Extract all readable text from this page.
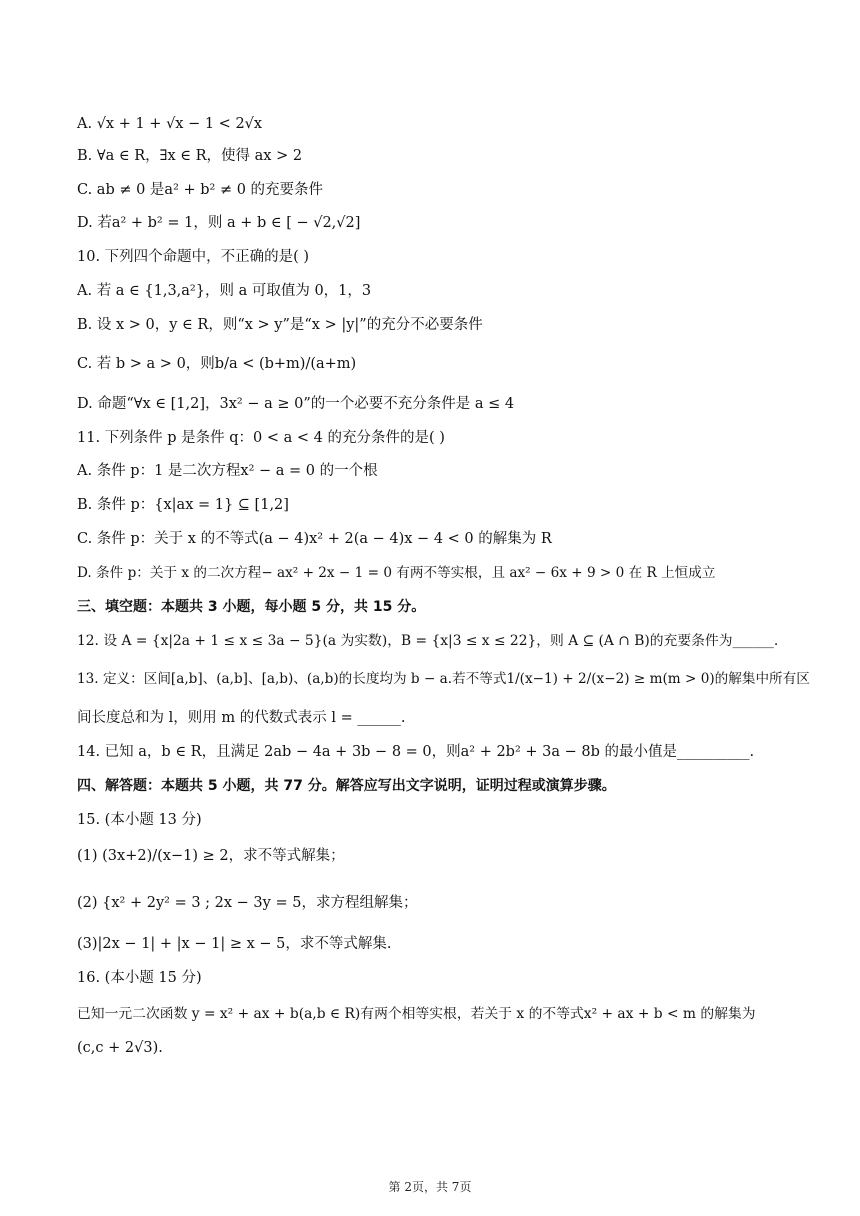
A. √x + 1 + √x − 1 < 2√x
B. ∀a ∈ R，∃x ∈ R，使得 ax > 2
C. ab ≠ 0 是a² + b² ≠ 0 的充要条件
D. 若a² + b² = 1，则 a + b ∈ [ − √2,√2]
10. 下列四个命题中，不正确的是( )
A. 若 a ∈ {1,3,a²}，则 a 可取值为 0，1，3
B. 设 x > 0，y ∈ R，则“x > y”是“x > |y|”的充分不必要条件
C. 若 b > a > 0，则b/a < (b+m)/(a+m)
D. 命题“∀x ∈ [1,2]，3x² − a ≥ 0”的一个必要不充分条件是 a ≤ 4
11. 下列条件 p 是条件 q：0 < a < 4 的充分条件的是( )
A. 条件 p：1 是二次方程x² − a = 0 的一个根
B. 条件 p：{x|ax = 1} ⊆ [1,2]
C. 条件 p：关于 x 的不等式(a − 4)x² + 2(a − 4)x − 4 < 0 的解集为 R
D. 条件 p：关于 x 的二次方程− ax² + 2x − 1 = 0 有两不等实根，且 ax² − 6x + 9 > 0 在 R 上恒成立
三、填空题：本题共 3 小题，每小题 5 分，共 15 分。
12. 设 A = {x|2a + 1 ≤ x ≤ 3a − 5}(a 为实数)，B = {x|3 ≤ x ≤ 22}，则 A ⊆ (A ∩ B)的充要条件为______.
13. 定义：区间[a,b]、(a,b]、[a,b)、(a,b)的长度均为 b − a.若不等式1/(x−1) + 2/(x−2) ≥ m(m > 0)的解集中所有区
间长度总和为 l，则用 m 的代数式表示 l = ______.
14. 已知 a，b ∈ R，且满足 2ab − 4a + 3b − 8 = 0，则a² + 2b² + 3a − 8b 的最小值是__________.
四、解答题：本题共 5 小题，共 77 分。解答应写出文字说明，证明过程或演算步骤。
15. (本小题 13 分)
(1) (3x+2)/(x−1) ≥ 2，求不等式解集；
(2) {x² + 2y² = 3 ; 2x − 3y = 5，求方程组解集；
(3)|2x − 1| + |x − 1| ≥ x − 5，求不等式解集.
16. (本小题 15 分)
已知一元二次函数 y = x² + ax + b(a,b ∈ R)有两个相等实根，若关于 x 的不等式x² + ax + b < m 的解集为
(c,c + 2√3).
第 2页，共 7页
